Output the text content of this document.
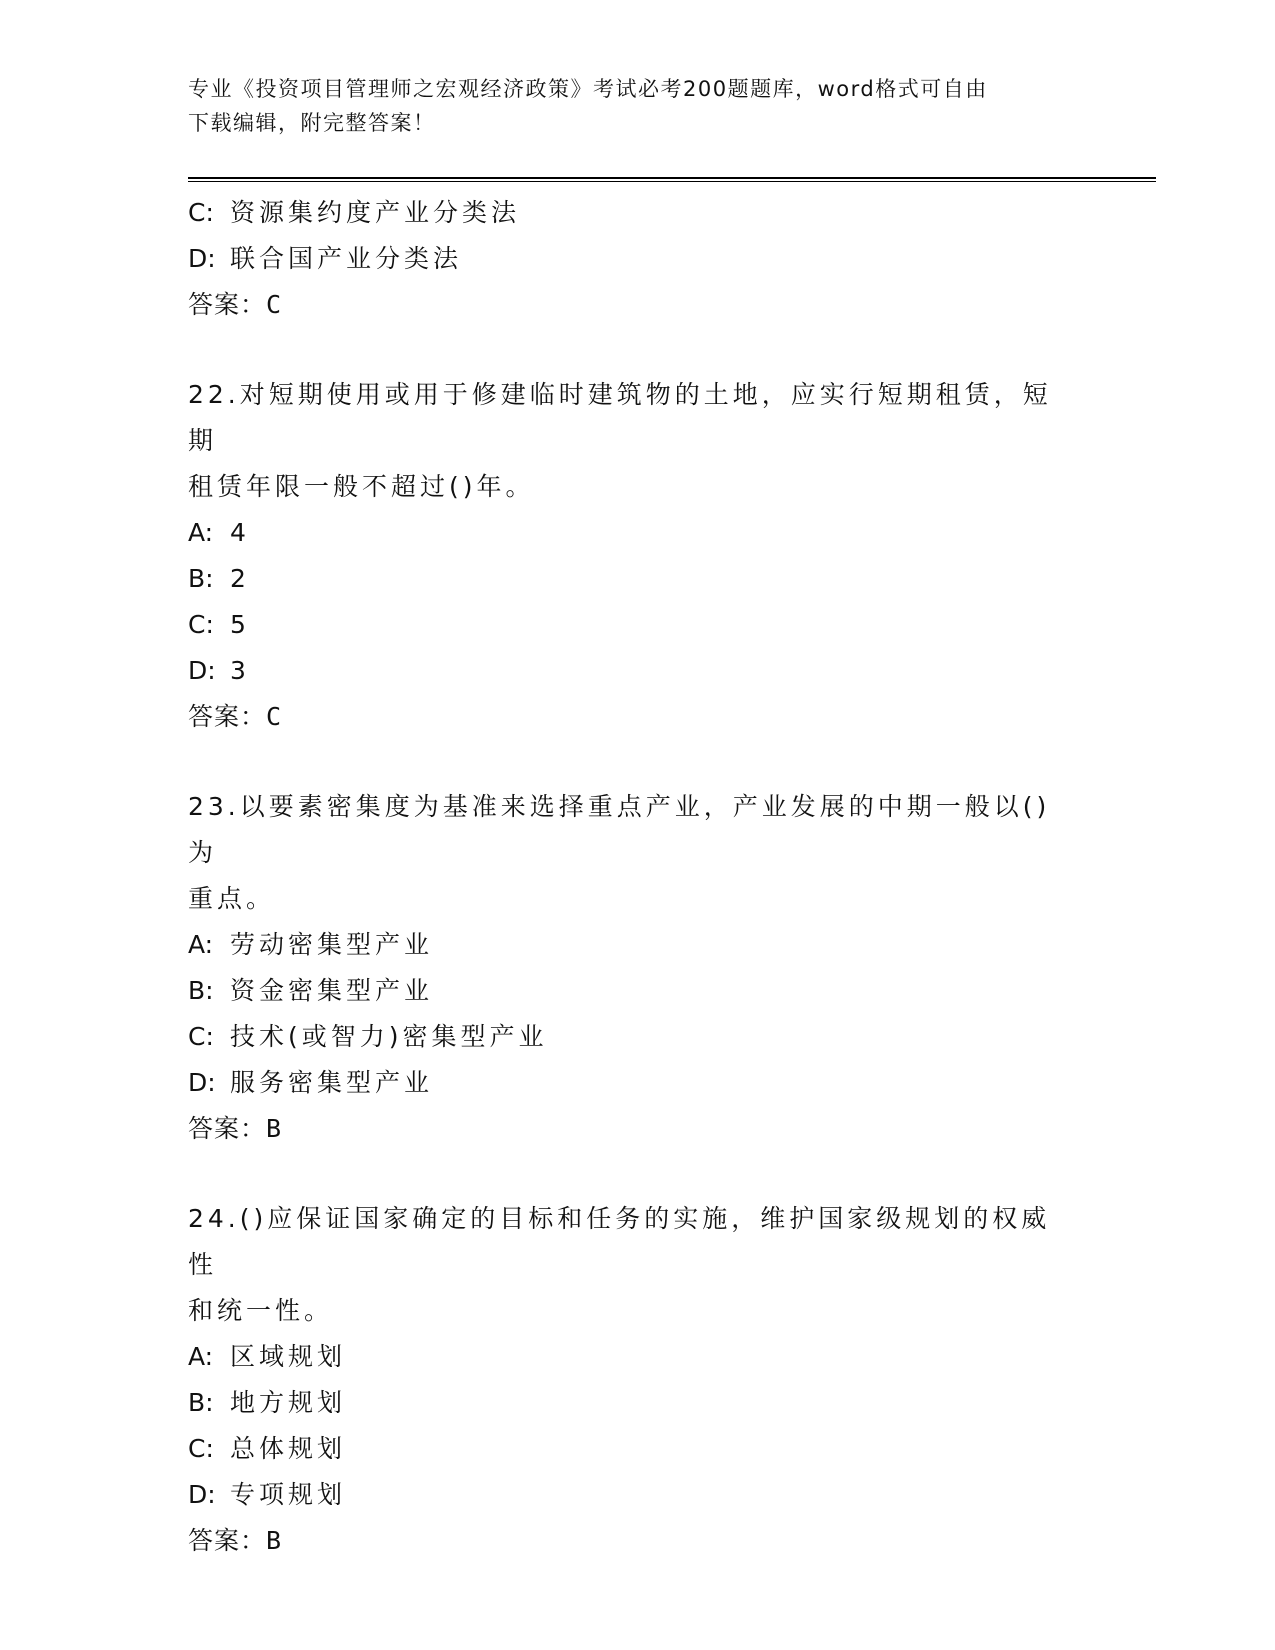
专业《投资项目管理师之宏观经济政策》考试必考200题题库，word格式可自由
下载编辑，附完整答案！
C: 资源集约度产业分类法
D: 联合国产业分类法
答案：C
22.对短期使用或用于修建临时建筑物的土地，应实行短期租赁，短期
租赁年限一般不超过()年。
A: 4
B: 2
C: 5
D: 3
答案：C
23.以要素密集度为基准来选择重点产业，产业发展的中期一般以()为
重点。
A: 劳动密集型产业
B: 资金密集型产业
C: 技术(或智力)密集型产业
D: 服务密集型产业
答案：B
24.()应保证国家确定的目标和任务的实施，维护国家级规划的权威性
和统一性。
A: 区域规划
B: 地方规划
C: 总体规划
D: 专项规划
答案：B
